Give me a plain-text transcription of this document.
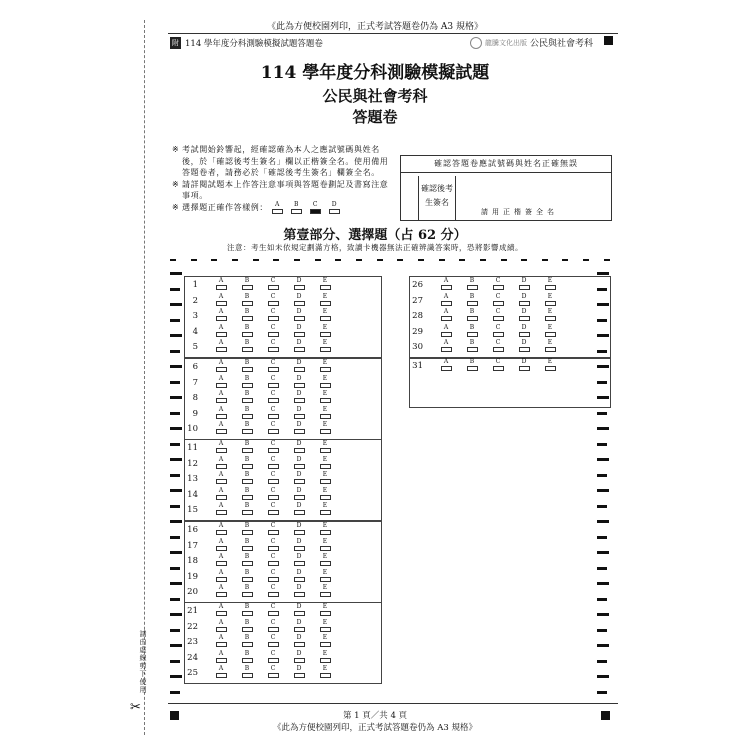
《此為方便校園列印，正式考試答題卷仍為 A3 規格》
附 114 學年度分科測驗模擬試題答題卷	龍騰文化出版 公民與社會考科
114 學年度分科測驗模擬試題
公民與社會考科
答題卷
※ 考試開始鈴響起，經確認確為本人之應試號碼與姓名後，於「確認後考生簽名」欄以正楷簽全名。使用備用答題卷者，請務必於「確認後考生簽名」欄簽全名。
※ 請詳閱試題本上作答注意事項與答題卷劃記及書寫注意事項。
※ 選擇題正確作答樣例： A B C D
確認答題卷應試號碼與姓名正確無誤
確認後考生簽名
請用正楷簽全名
第壹部分、選擇題（占 62 分）
注意：考生如未依規定劃滿方格，致讀卡機器無法正確辨識答案時，恐將影響成績。
1	A	B	C	D	E
2	A	B	C	D	E
3	A	B	C	D	E
4	A	B	C	D	E
5	A	B	C	D	E
6	A	B	C	D	E
7	A	B	C	D	E
8	A	B	C	D	E
9	A	B	C	D	E
10	A	B	C	D	E
11	A	B	C	D	E
12	A	B	C	D	E
13	A	B	C	D	E
14	A	B	C	D	E
15	A	B	C	D	E
16	A	B	C	D	E
17	A	B	C	D	E
18	A	B	C	D	E
19	A	B	C	D	E
20	A	B	C	D	E
21	A	B	C	D	E
22	A	B	C	D	E
23	A	B	C	D	E
24	A	B	C	D	E
25	A	B	C	D	E
26	A	B	C	D	E
27	A	B	C	D	E
28	A	B	C	D	E
29	A	B	C	D	E
30	A	B	C	D	E
31	A	B	C	D	E
請由虛線剪下使用
✂
第 1 頁／共 4 頁
《此為方便校園列印，正式考試答題卷仍為 A3 規格》
